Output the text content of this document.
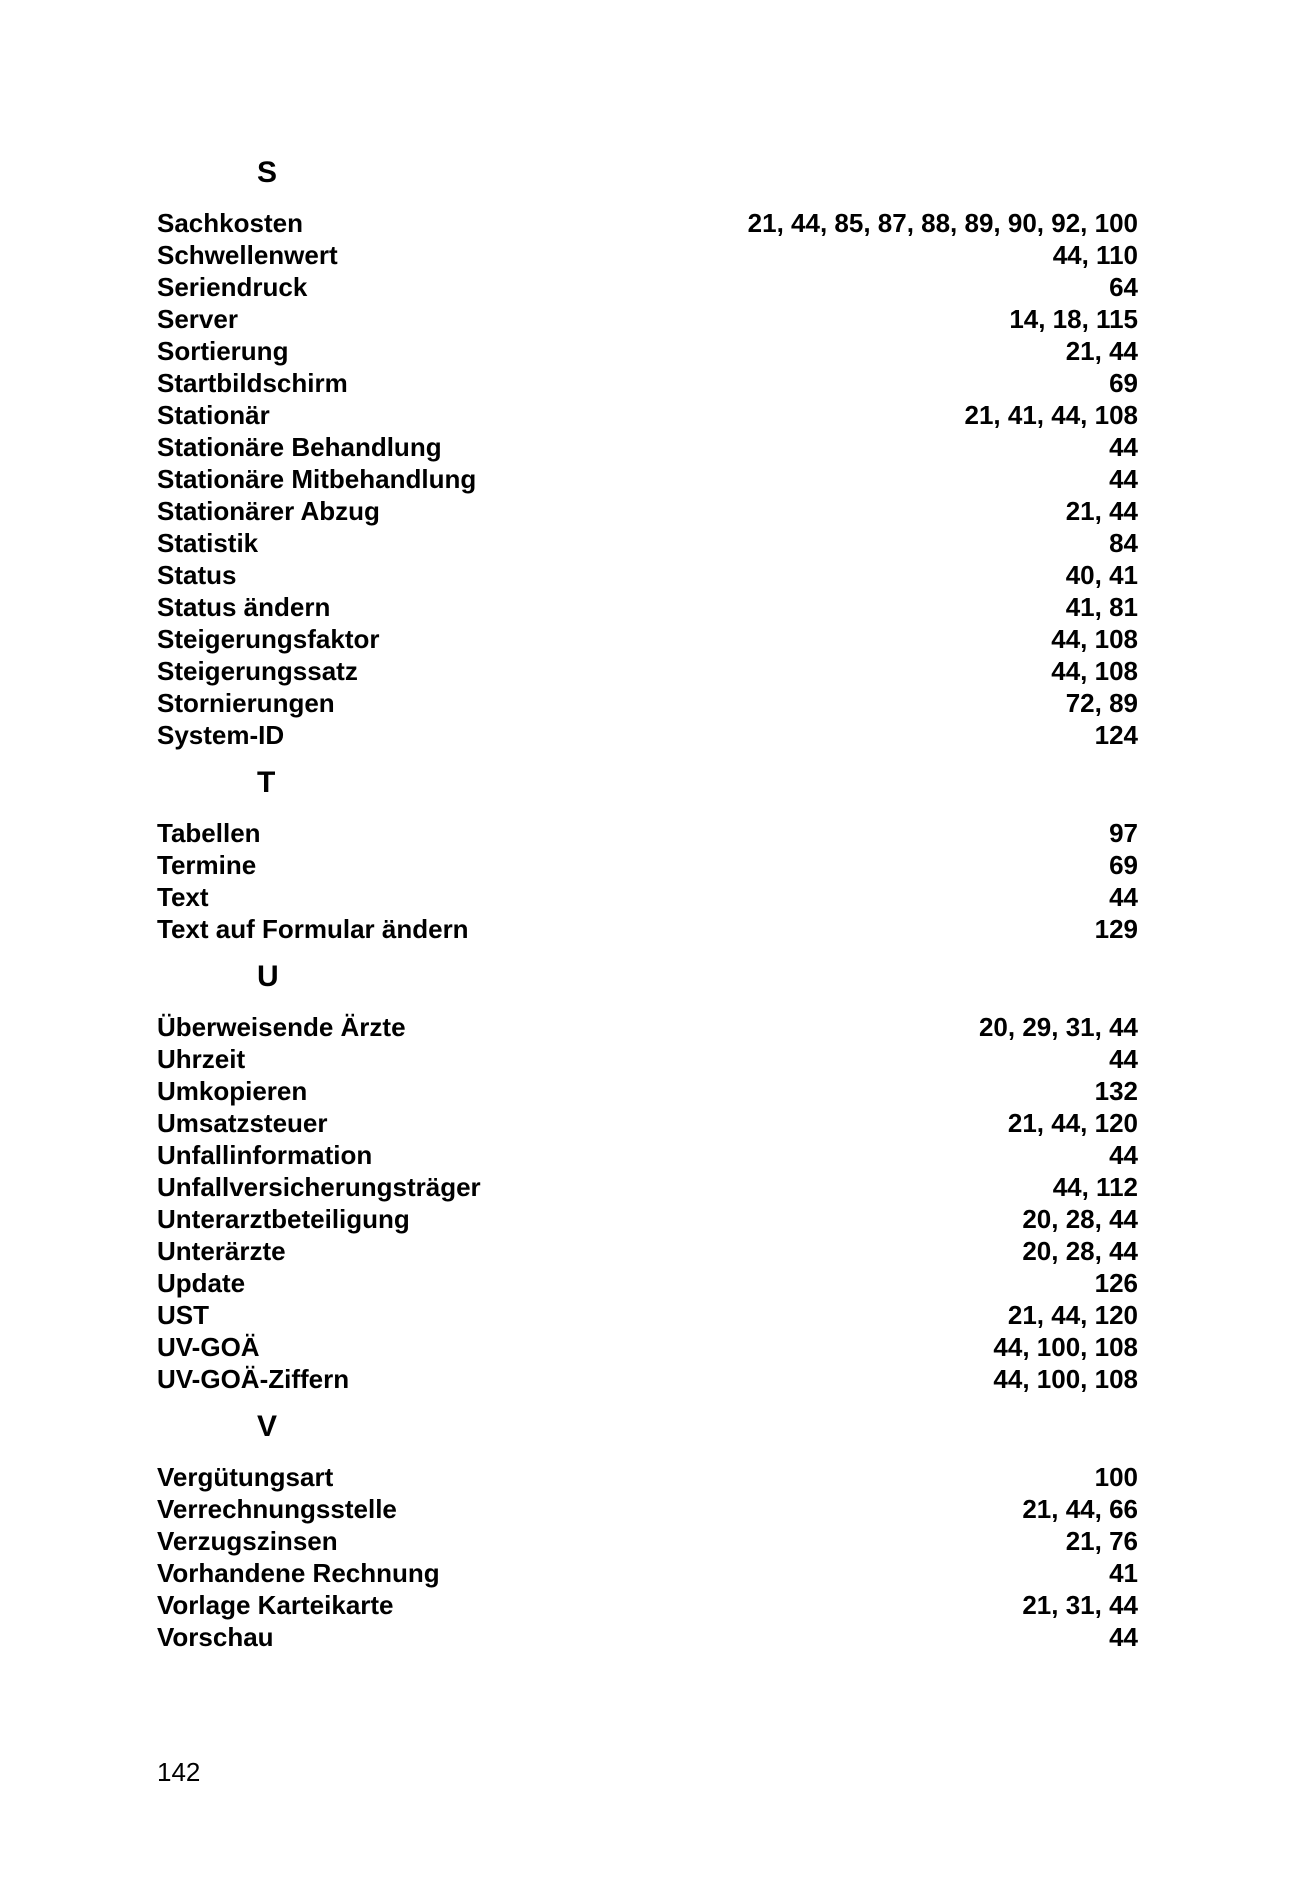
S
Sachkosten	21, 44, 85, 87, 88, 89, 90, 92, 100
Schwellenwert	44, 110
Seriendruck	64
Server	14, 18, 115
Sortierung	21, 44
Startbildschirm	69
Stationär	21, 41, 44, 108
Stationäre Behandlung	44
Stationäre Mitbehandlung	44
Stationärer Abzug	21, 44
Statistik	84
Status	40, 41
Status ändern	41, 81
Steigerungsfaktor	44, 108
Steigerungssatz	44, 108
Stornierungen	72, 89
System-ID	124
T
Tabellen	97
Termine	69
Text	44
Text auf Formular ändern	129
U
Überweisende Ärzte	20, 29, 31, 44
Uhrzeit	44
Umkopieren	132
Umsatzsteuer	21, 44, 120
Unfallinformation	44
Unfallversicherungsträger	44, 112
Unterarztbeteiligung	20, 28, 44
Unterärzte	20, 28, 44
Update	126
UST	21, 44, 120
UV-GOÄ	44, 100, 108
UV-GOÄ-Ziffern	44, 100, 108
V
Vergütungsart	100
Verrechnungsstelle	21, 44, 66
Verzugszinsen	21, 76
Vorhandene Rechnung	41
Vorlage Karteikarte	21, 31, 44
Vorschau	44
142
